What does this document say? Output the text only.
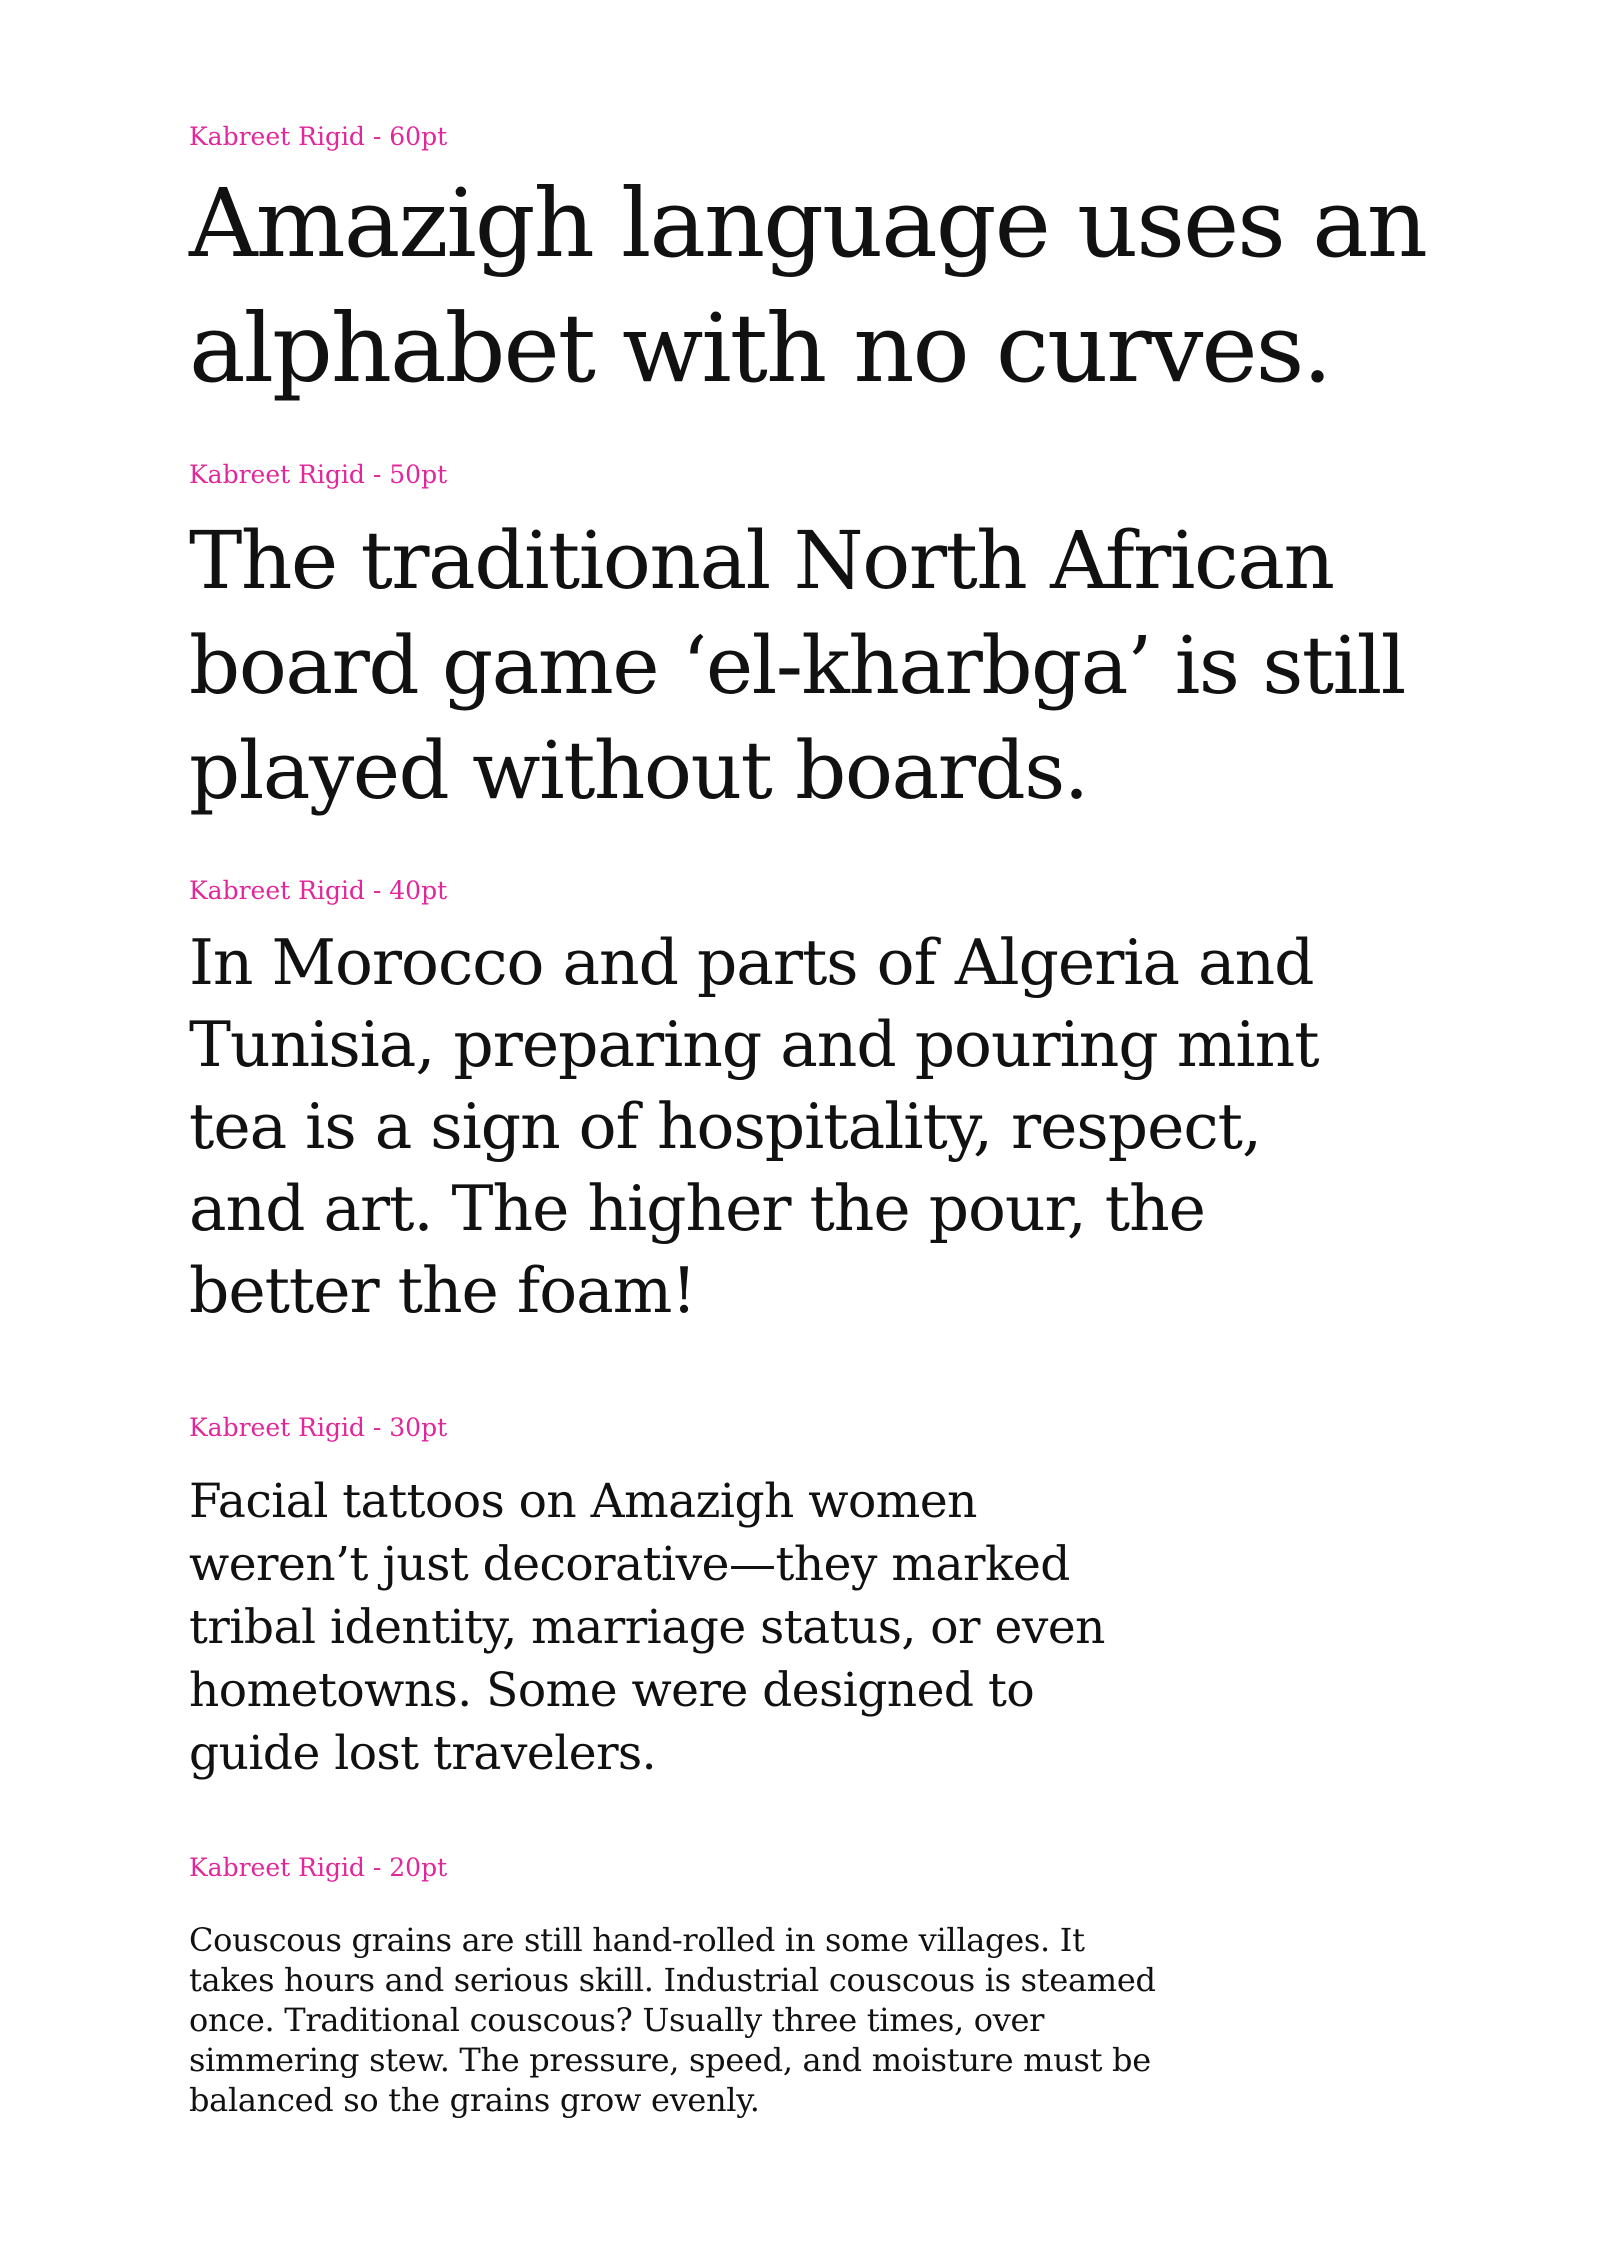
Kabreet Rigid - 60pt

Amazigh language uses an
alphabet with no curves.

Kabreet Rigid - 50pt

The traditional North African
board game ‘el-kharbga’ is still
played without boards.

Kabreet Rigid - 40pt

In Morocco and parts of Algeria and
Tunisia, preparing and pouring mint
tea is a sign of hospitality, respect,
and art. The higher the pour, the
better the foam!

Kabreet Rigid - 30pt

Facial tattoos on Amazigh women
weren’t just decorative—they marked
tribal identity, marriage status, or even
hometowns. Some were designed to
guide lost travelers.

Kabreet Rigid - 20pt

Couscous grains are still hand-rolled in some villages. It
takes hours and serious skill. Industrial couscous is steamed
once. Traditional couscous? Usually three times, over
simmering stew. The pressure, speed, and moisture must be
balanced so the grains grow evenly.
